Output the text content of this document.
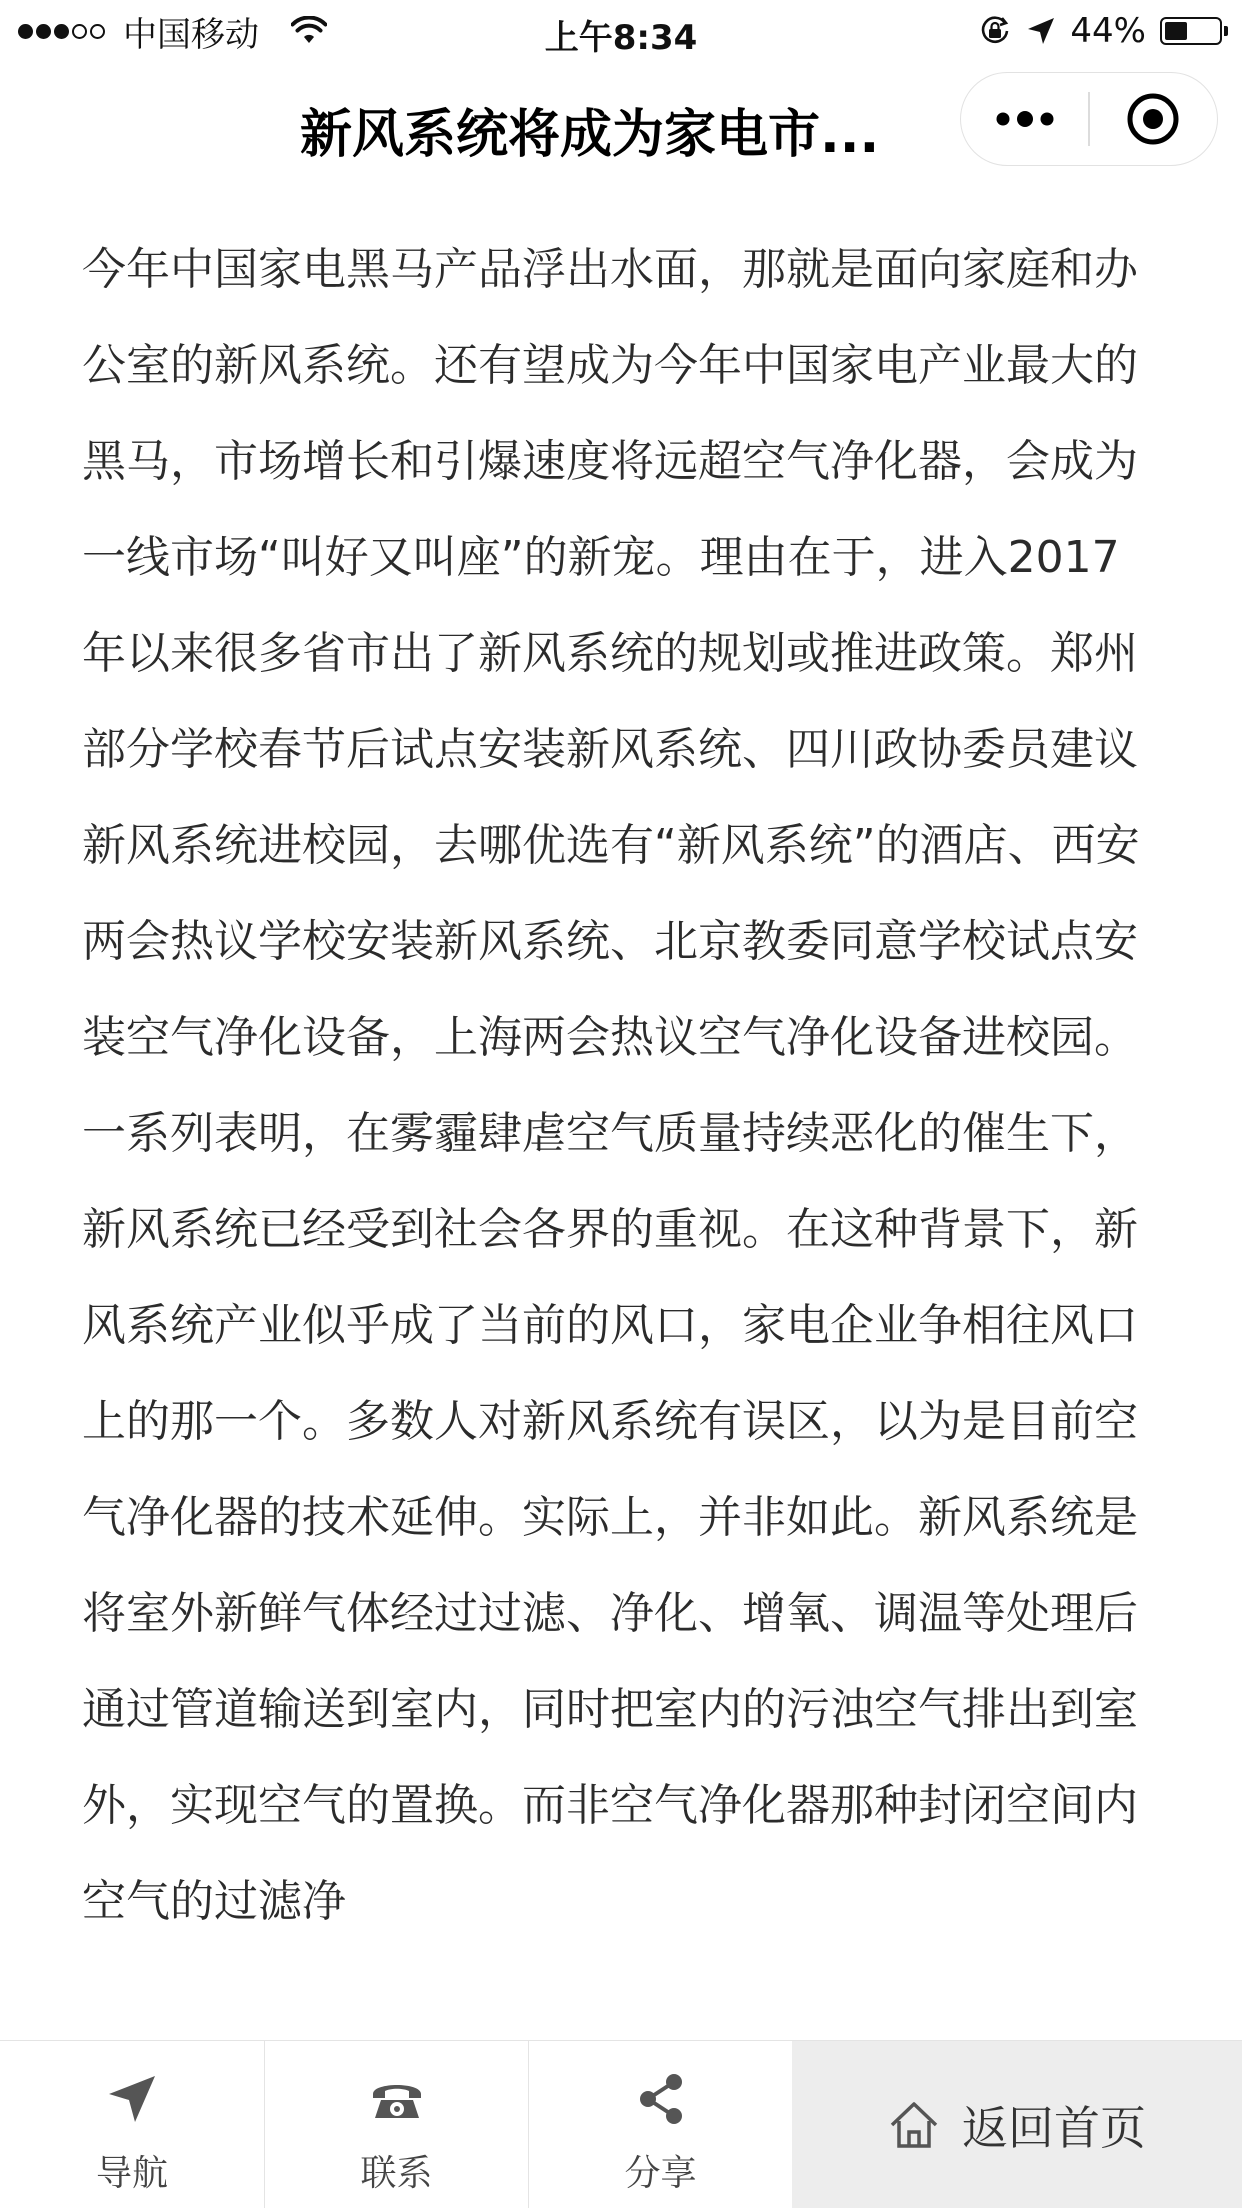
中国移动	上午8:34	44%
新风系统将成为家电市...

今年中国家电黑马产品浮出水面，那就是面向家庭和办公室的新风系统。还有望成为今年中国家电产业最大的黑马，市场增长和引爆速度将远超空气净化器，会成为一线市场“叫好又叫座”的新宠。理由在于，进入2017年以来很多省市出了新风系统的规划或推进政策。郑州部分学校春节后试点安装新风系统、四川政协委员建议新风系统进校园，去哪优选有“新风系统”的酒店、西安两会热议学校安装新风系统、北京教委同意学校试点安装空气净化设备，上海两会热议空气净化设备进校园。

一系列表明，在雾霾肆虐空气质量持续恶化的催生下，新风系统已经受到社会各界的重视。在这种背景下，新风系统产业似乎成了当前的风口，家电企业争相往风口上的那一个。多数人对新风系统有误区，以为是目前空气净化器的技术延伸。实际上，并非如此。新风系统是将室外新鲜气体经过过滤、净化、增氧、调温等处理后通过管道输送到室内，同时把室内的污浊空气排出到室外，实现空气的置换。而非空气净化器那种封闭空间内空气的过滤净

导航	联系	分享
返回首页
